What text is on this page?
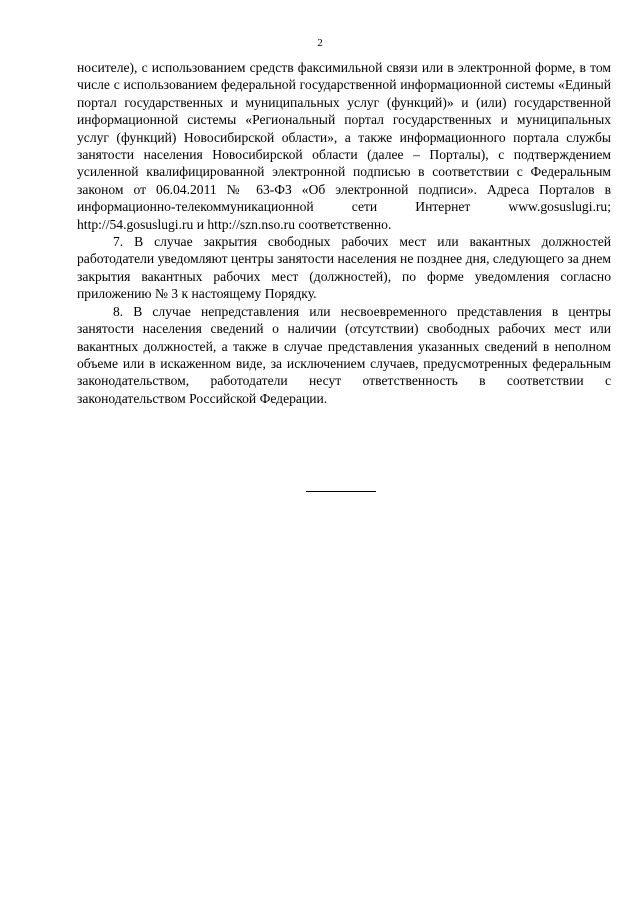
2

носителе), с использованием средств факсимильной связи или в электронной форме, в том числе с использованием федеральной государственной информационной системы «Единый портал государственных и муниципальных услуг (функций)» и (или) государственной информационной системы «Региональный портал государственных и муниципальных услуг (функций) Новосибирской области», а также информационного портала службы занятости населения Новосибирской области (далее – Порталы), с подтверждением усиленной квалифицированной электронной подписью в соответствии с Федеральным законом от 06.04.2011 № 63-ФЗ «Об электронной подписи». Адреса Порталов в информационно-телекоммуникационной сети Интернет www.gosuslugi.ru; http://54.gosuslugi.ru и http://szn.nso.ru соответственно.

7. В случае закрытия свободных рабочих мест или вакантных должностей работодатели уведомляют центры занятости населения не позднее дня, следующего за днем закрытия вакантных рабочих мест (должностей), по форме уведомления согласно приложению № 3 к настоящему Порядку.

8. В случае непредставления или несвоевременного представления в центры занятости населения сведений о наличии (отсутствии) свободных рабочих мест или вакантных должностей, а также в случае представления указанных сведений в неполном объеме или в искаженном виде, за исключением случаев, предусмотренных федеральным законодательством, работодатели несут ответственность в соответствии с законодательством Российской Федерации.
